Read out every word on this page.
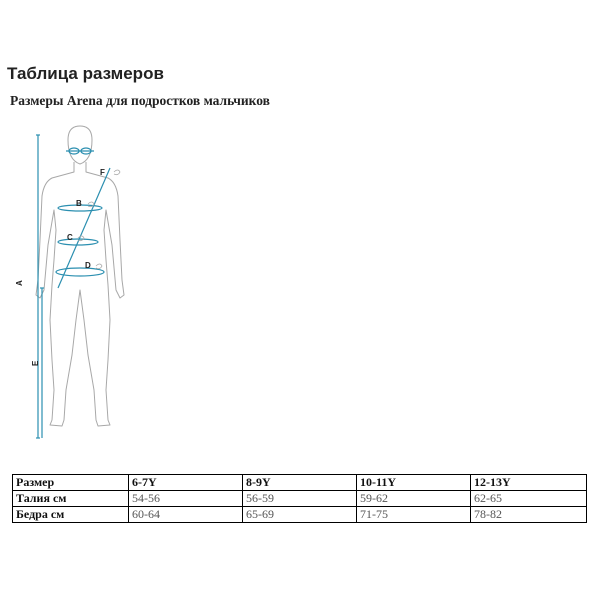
Таблица размеров
Размеры Arena для подростков мальчиков
F
B
C
D
A
E
Размер	6-7Y	8-9Y	10-11Y	12-13Y
Талия см	54-56	56-59	59-62	62-65
Бедра см	60-64	65-69	71-75	78-82
